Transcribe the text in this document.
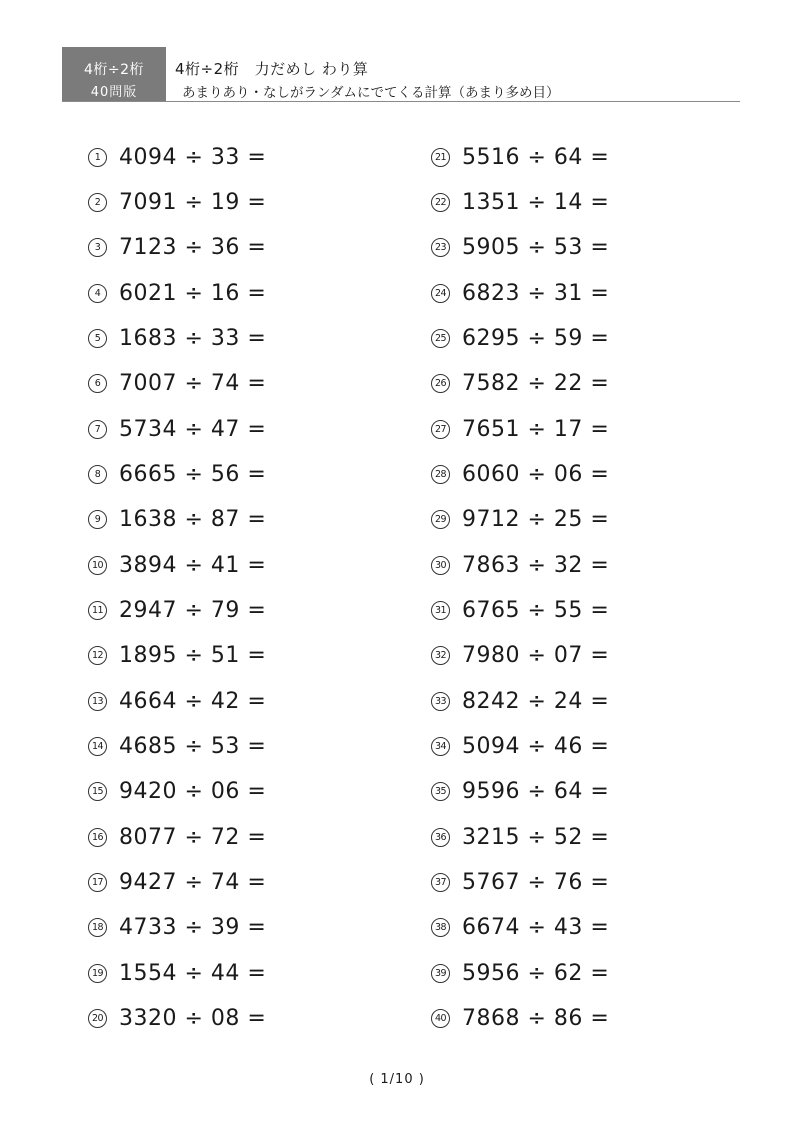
4桁÷2桁
40問版
4桁÷2桁　力だめし わり算
あまりあり・なしがランダムにでてくる計算（あまり多め目）
1 4094 ÷ 33 =
2 7091 ÷ 19 =
3 7123 ÷ 36 =
4 6021 ÷ 16 =
5 1683 ÷ 33 =
6 7007 ÷ 74 =
7 5734 ÷ 47 =
8 6665 ÷ 56 =
9 1638 ÷ 87 =
10 3894 ÷ 41 =
11 2947 ÷ 79 =
12 1895 ÷ 51 =
13 4664 ÷ 42 =
14 4685 ÷ 53 =
15 9420 ÷ 06 =
16 8077 ÷ 72 =
17 9427 ÷ 74 =
18 4733 ÷ 39 =
19 1554 ÷ 44 =
20 3320 ÷ 08 =
21 5516 ÷ 64 =
22 1351 ÷ 14 =
23 5905 ÷ 53 =
24 6823 ÷ 31 =
25 6295 ÷ 59 =
26 7582 ÷ 22 =
27 7651 ÷ 17 =
28 6060 ÷ 06 =
29 9712 ÷ 25 =
30 7863 ÷ 32 =
31 6765 ÷ 55 =
32 7980 ÷ 07 =
33 8242 ÷ 24 =
34 5094 ÷ 46 =
35 9596 ÷ 64 =
36 3215 ÷ 52 =
37 5767 ÷ 76 =
38 6674 ÷ 43 =
39 5956 ÷ 62 =
40 7868 ÷ 86 =
( 1/10 )
